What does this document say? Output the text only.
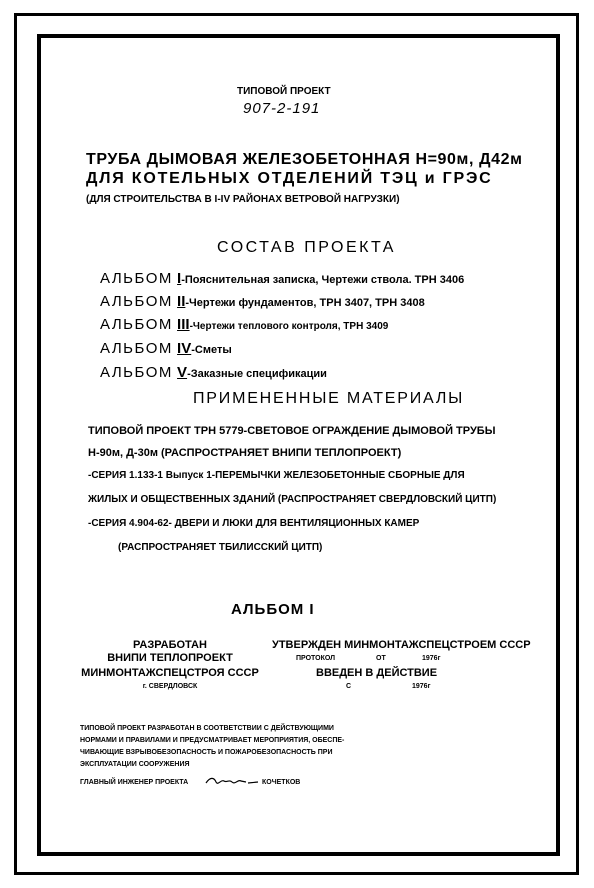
ТИПОВОЙ ПРОЕКТ
907-2-191
ТРУБА ДЫМОВАЯ ЖЕЛЕЗОБЕТОННАЯ Н=90м, Д42м
ДЛЯ КОТЕЛЬНЫХ ОТДЕЛЕНИЙ ТЭЦ и ГРЭС
(ДЛЯ СТРОИТЕЛЬСТВА В I-IV РАЙОНАХ ВЕТРОВОЙ НАГРУЗКИ)
СОСТАВ ПРОЕКТА
АЛЬБОМ I-Пояснительная записка, Чертежи ствола. ТРН 3406
АЛЬБОМ II-Чертежи фундаментов, ТРН 3407, ТРН 3408
АЛЬБОМ III-Чертежи теплового контроля, ТРН 3409
АЛЬБОМ IV-Сметы
АЛЬБОМ V-Заказные спецификации
ПРИМЕНЕННЫЕ МАТЕРИАЛЫ
ТИПОВОЙ ПРОЕКТ ТРН 5779-СВЕТОВОЕ ОГРАЖДЕНИЕ ДЫМОВОЙ ТРУБЫ
Н-90м, Д-30м (РАСПРОСТРАНЯЕТ ВНИПИ ТЕПЛОПРОЕКТ)
-СЕРИЯ 1.133-1 Выпуск 1-ПЕРЕМЫЧКИ ЖЕЛЕЗОБЕТОННЫЕ СБОРНЫЕ ДЛЯ
ЖИЛЫХ И ОБЩЕСТВЕННЫХ ЗДАНИЙ (РАСПРОСТРАНЯЕТ СВЕРДЛОВСКИЙ ЦИТП)
-СЕРИЯ 4.904-62- ДВЕРИ И ЛЮКИ ДЛЯ ВЕНТИЛЯЦИОННЫХ КАМЕР
(РАСПРОСТРАНЯЕТ ТБИЛИССКИЙ ЦИТП)
АЛЬБОМ I
РАЗРАБОТАН
ВНИПИ ТЕПЛОПРОЕКТ
МИНМОНТАЖСПЕЦСТРОЯ СССР
г. СВЕРДЛОВСК
УТВЕРЖДЕН МИНМОНТАЖСПЕЦСТРОЕМ СССР
ПРОТОКОЛ	ОТ	1976г
ВВЕДЕН В ДЕЙСТВИЕ
С	1976г
ТИПОВОЙ ПРОЕКТ РАЗРАБОТАН В СООТВЕТСТВИИ С ДЕЙСТВУЮЩИМИ
НОРМАМИ И ПРАВИЛАМИ И ПРЕДУСМАТРИВАЕТ МЕРОПРИЯТИЯ, ОБЕСПЕ-
ЧИВАЮЩИЕ ВЗРЫВОБЕЗОПАСНОСТЬ И ПОЖАРОБЕЗОПАСНОСТЬ ПРИ
ЭКСПЛУАТАЦИИ СООРУЖЕНИЯ
ГЛАВНЫЙ ИНЖЕНЕР ПРОЕКТА	КОЧЕТКОВ
